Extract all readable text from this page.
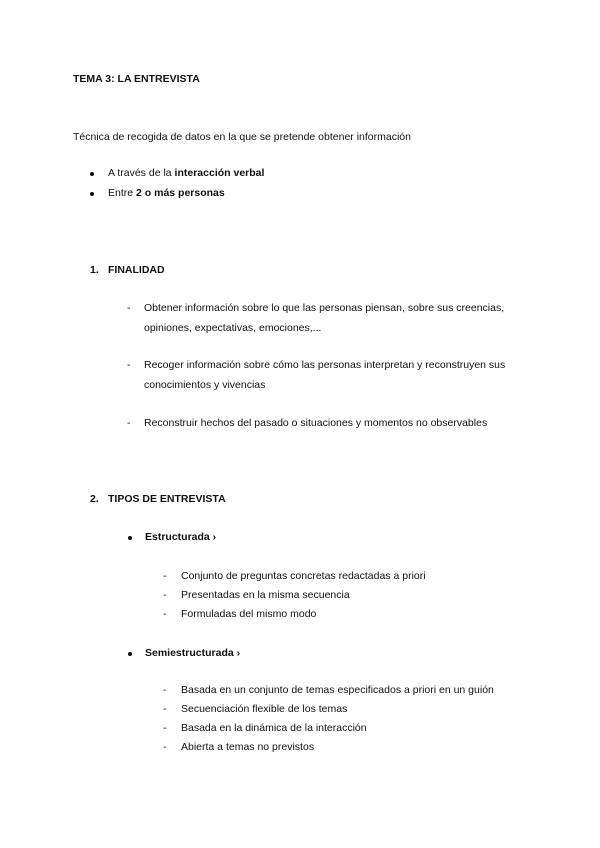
TEMA 3: LA ENTREVISTA
Técnica de recogida de datos en la que se pretende obtener información
A través de la interacción verbal
Entre 2 o más personas
1. FINALIDAD
- Obtener información sobre lo que las personas piensan, sobre sus creencias,
opiniones, expectativas, emociones,...
- Recoger información sobre cómo las personas interpretan y reconstruyen sus
conocimientos y vivencias
- Reconstruir hechos del pasado o situaciones y momentos no observables
2. TIPOS DE ENTREVISTA
Estructurada ›
- Conjunto de preguntas concretas redactadas a priori
- Presentadas en la misma secuencia
- Formuladas del mismo modo
Semiestructurada ›
- Basada en un conjunto de temas especificados a priori en un guión
- Secuenciación flexible de los temas
- Basada en la dinámica de la interacción
- Abierta a temas no previstos
